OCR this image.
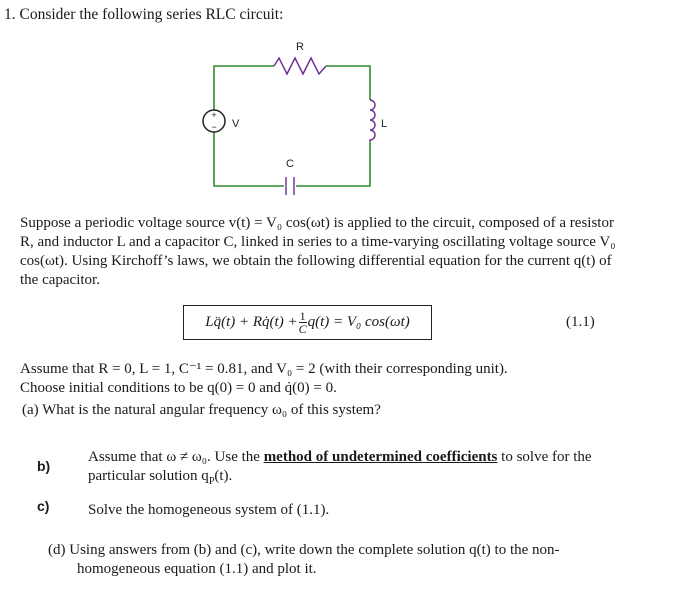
1. Consider the following series RLC circuit:
R
+
− V	L
C
Suppose a periodic voltage source v(t) = V₀ cos(ωt) is applied to the circuit, composed of a resistor R, and inductor L and a capacitor C, linked in series to a time-varying oscillating voltage source V₀ cos(ωt). Using Kirchoff’s laws, we obtain the following differential equation for the current q(t) of the capacitor.
Lq̈(t) + Rq̇(t) + $\frac{1}{C} q(t) = V_0$ cos(ωt)	(1.1)
Assume that R = 0, L = 1, C⁻¹ = 0.81, and V₀ = 2 (with their corresponding unit).
Choose initial conditions to be q(0) = 0 and q̇(0) = 0.
(a) What is the natural angular frequency ω₀ of this system?
b)
Assume that ω ≠ ω₀. Use the method of undetermined coefficients to solve for the particular solution $q_P(t)$.
c)	Solve the homogeneous system of (1.1).
(d) Using answers from (b) and (c), write down the complete solution q(t) to the non-
homogeneous equation (1.1) and plot it.
